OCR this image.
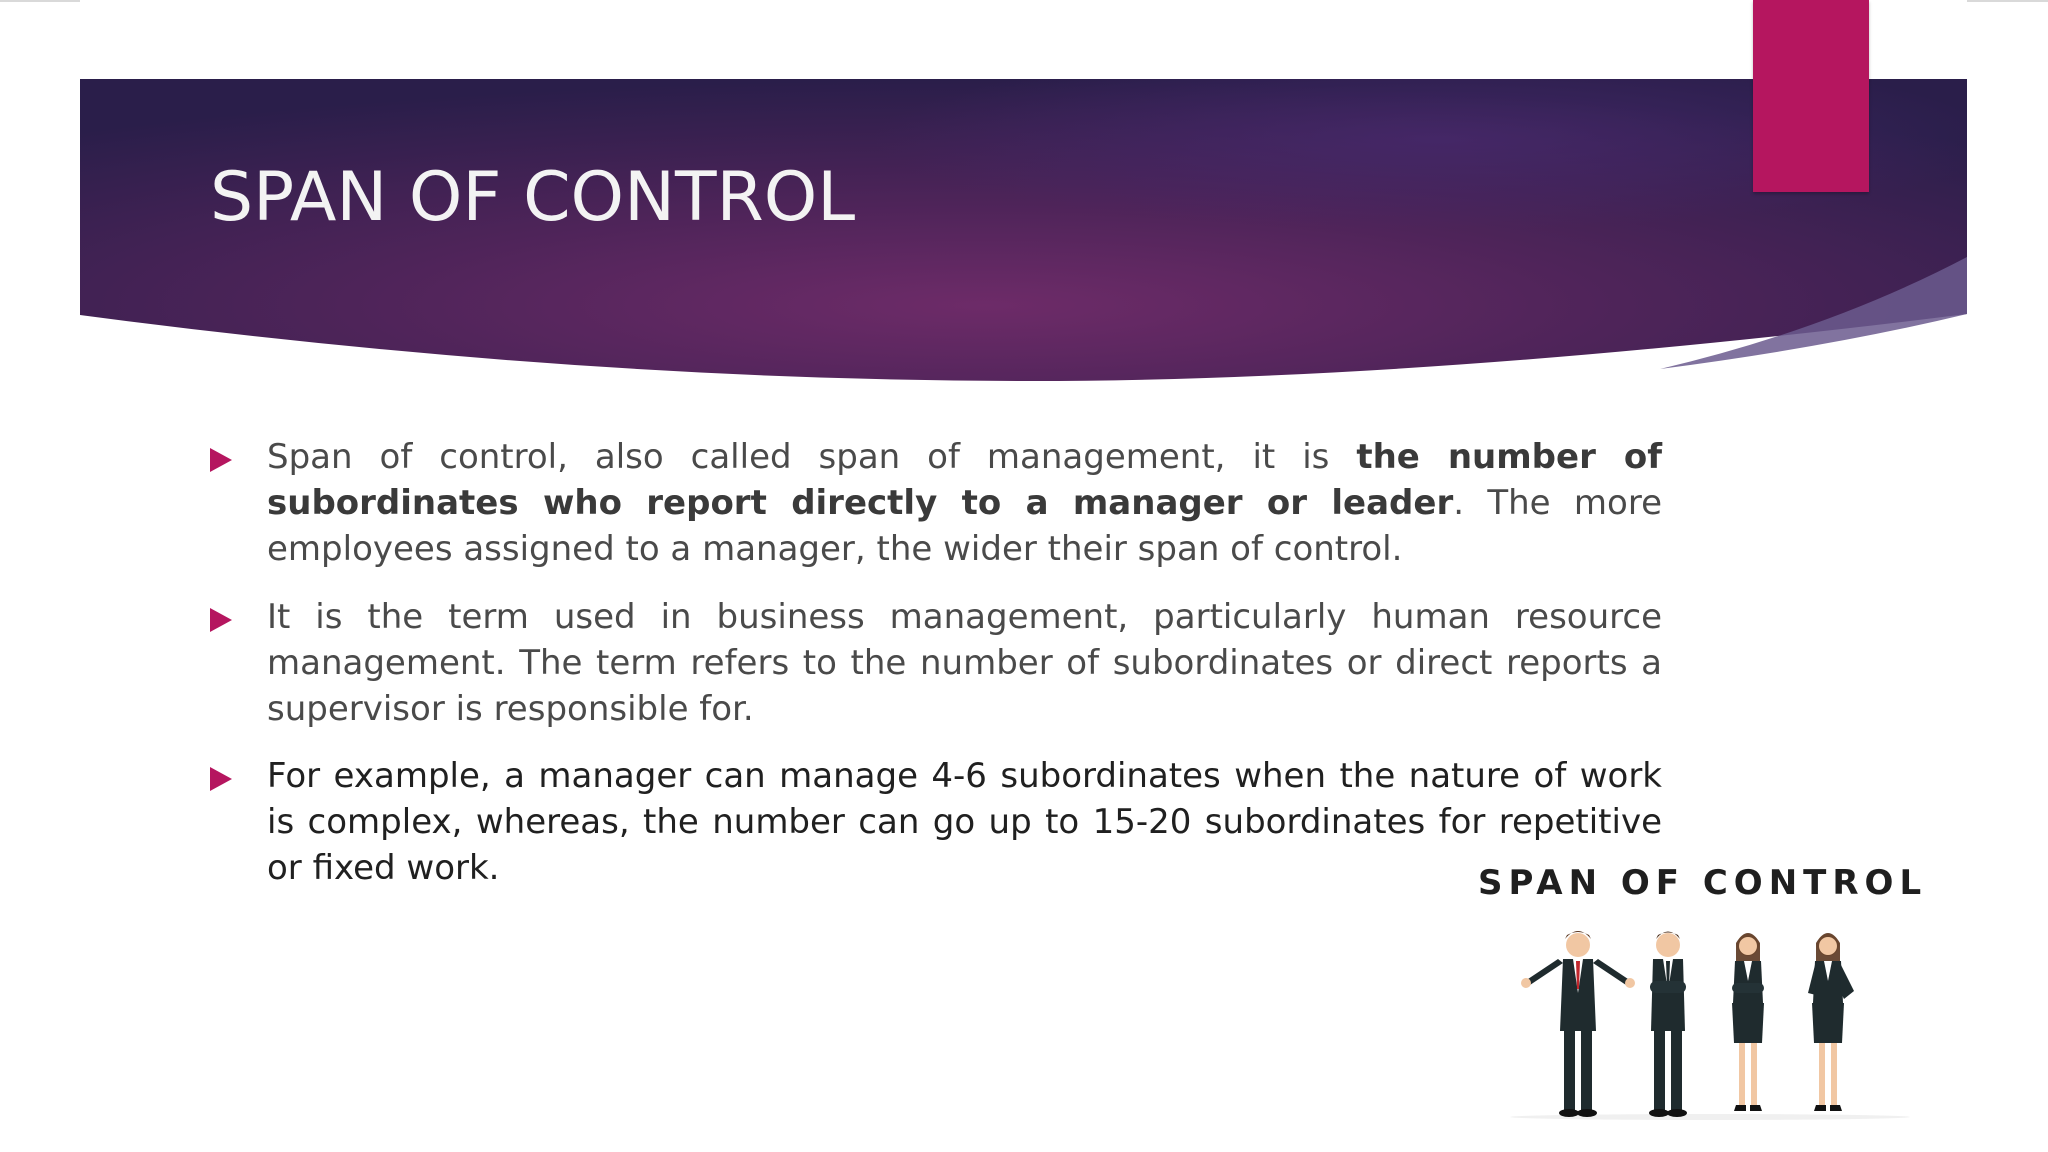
SPAN OF CONTROL
Span of control, also called span of management, it is the number of subordinates who report directly to a manager or leader. The more employees assigned to a manager, the wider their span of control.
It is the term used in business management, particularly human resource management. The term refers to the number of subordinates or direct reports a supervisor is responsible for.
For example, a manager can manage 4-6 subordinates when the nature of work is complex, whereas, the number can go up to 15-20 subordinates for repetitive or fixed work.	SPAN OF CONTROL
